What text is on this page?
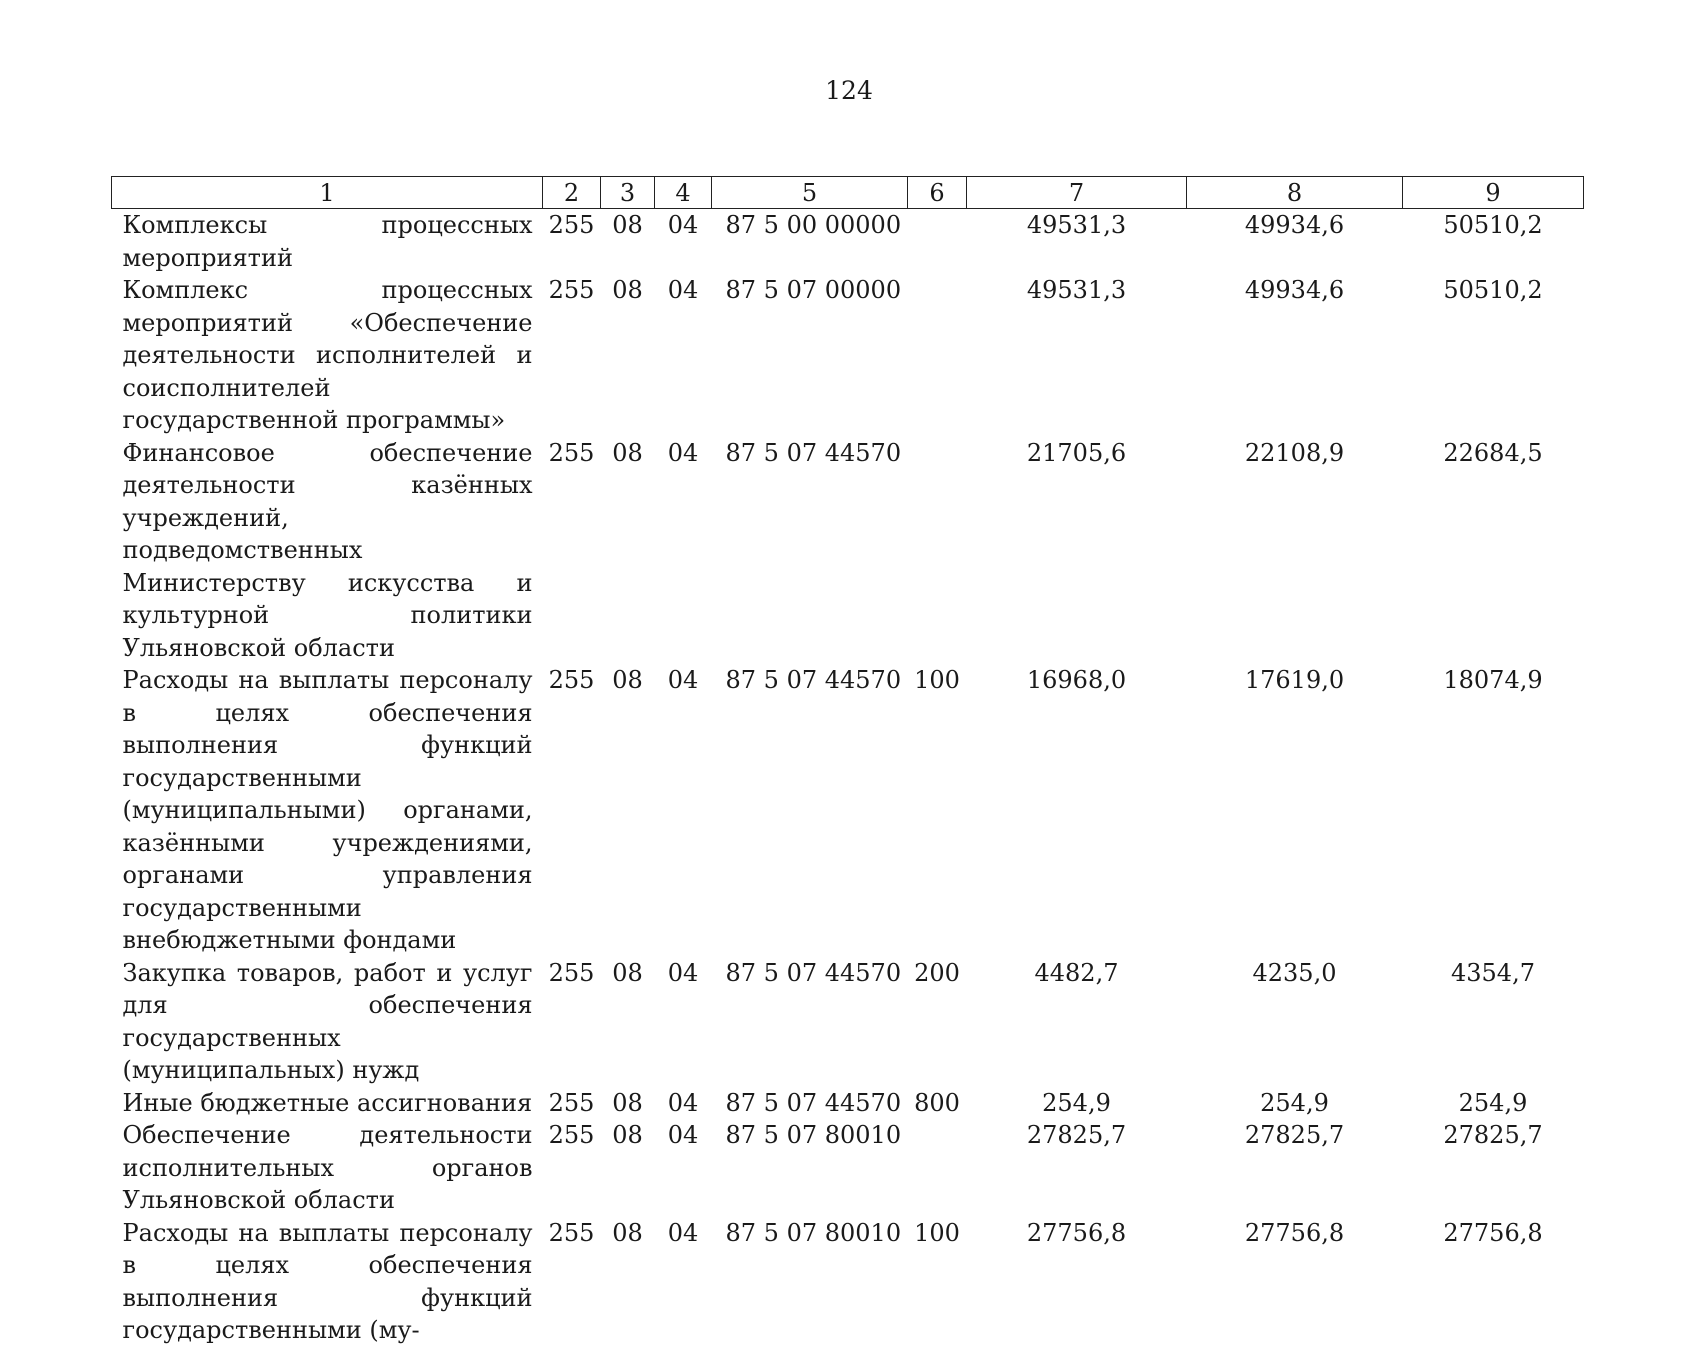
124
1	2	3	4	5	6	7	8	9
Комплексы процессных мероприятий	255	08	04	87 5 00 00000		49531,3	49934,6	50510,2
Комплекс процессных мероприятий «Обеспечение деятельности исполнителей и соисполнителей государственной программы»	255	08	04	87 5 07 00000		49531,3	49934,6	50510,2
Финансовое обеспечение деятельности казённых учреждений, подведомственных Министерству искусства и культурной политики Ульяновской области	255	08	04	87 5 07 44570		21705,6	22108,9	22684,5
Расходы на выплаты персоналу в целях обеспечения выполнения функций государственными (муниципальными) органами, казёнными учреждениями, органами управления государственными внебюджетными фондами	255	08	04	87 5 07 44570	100	16968,0	17619,0	18074,9
Закупка товаров, работ и услуг для обеспечения государственных (муниципальных) нужд	255	08	04	87 5 07 44570	200	4482,7	4235,0	4354,7
Иные бюджетные ассигнования	255	08	04	87 5 07 44570	800	254,9	254,9	254,9
Обеспечение деятельности исполнительных органов Ульяновской области	255	08	04	87 5 07 80010		27825,7	27825,7	27825,7
Расходы на выплаты персоналу в целях обеспечения выполнения функций государственными (му-	255	08	04	87 5 07 80010	100	27756,8	27756,8	27756,8
